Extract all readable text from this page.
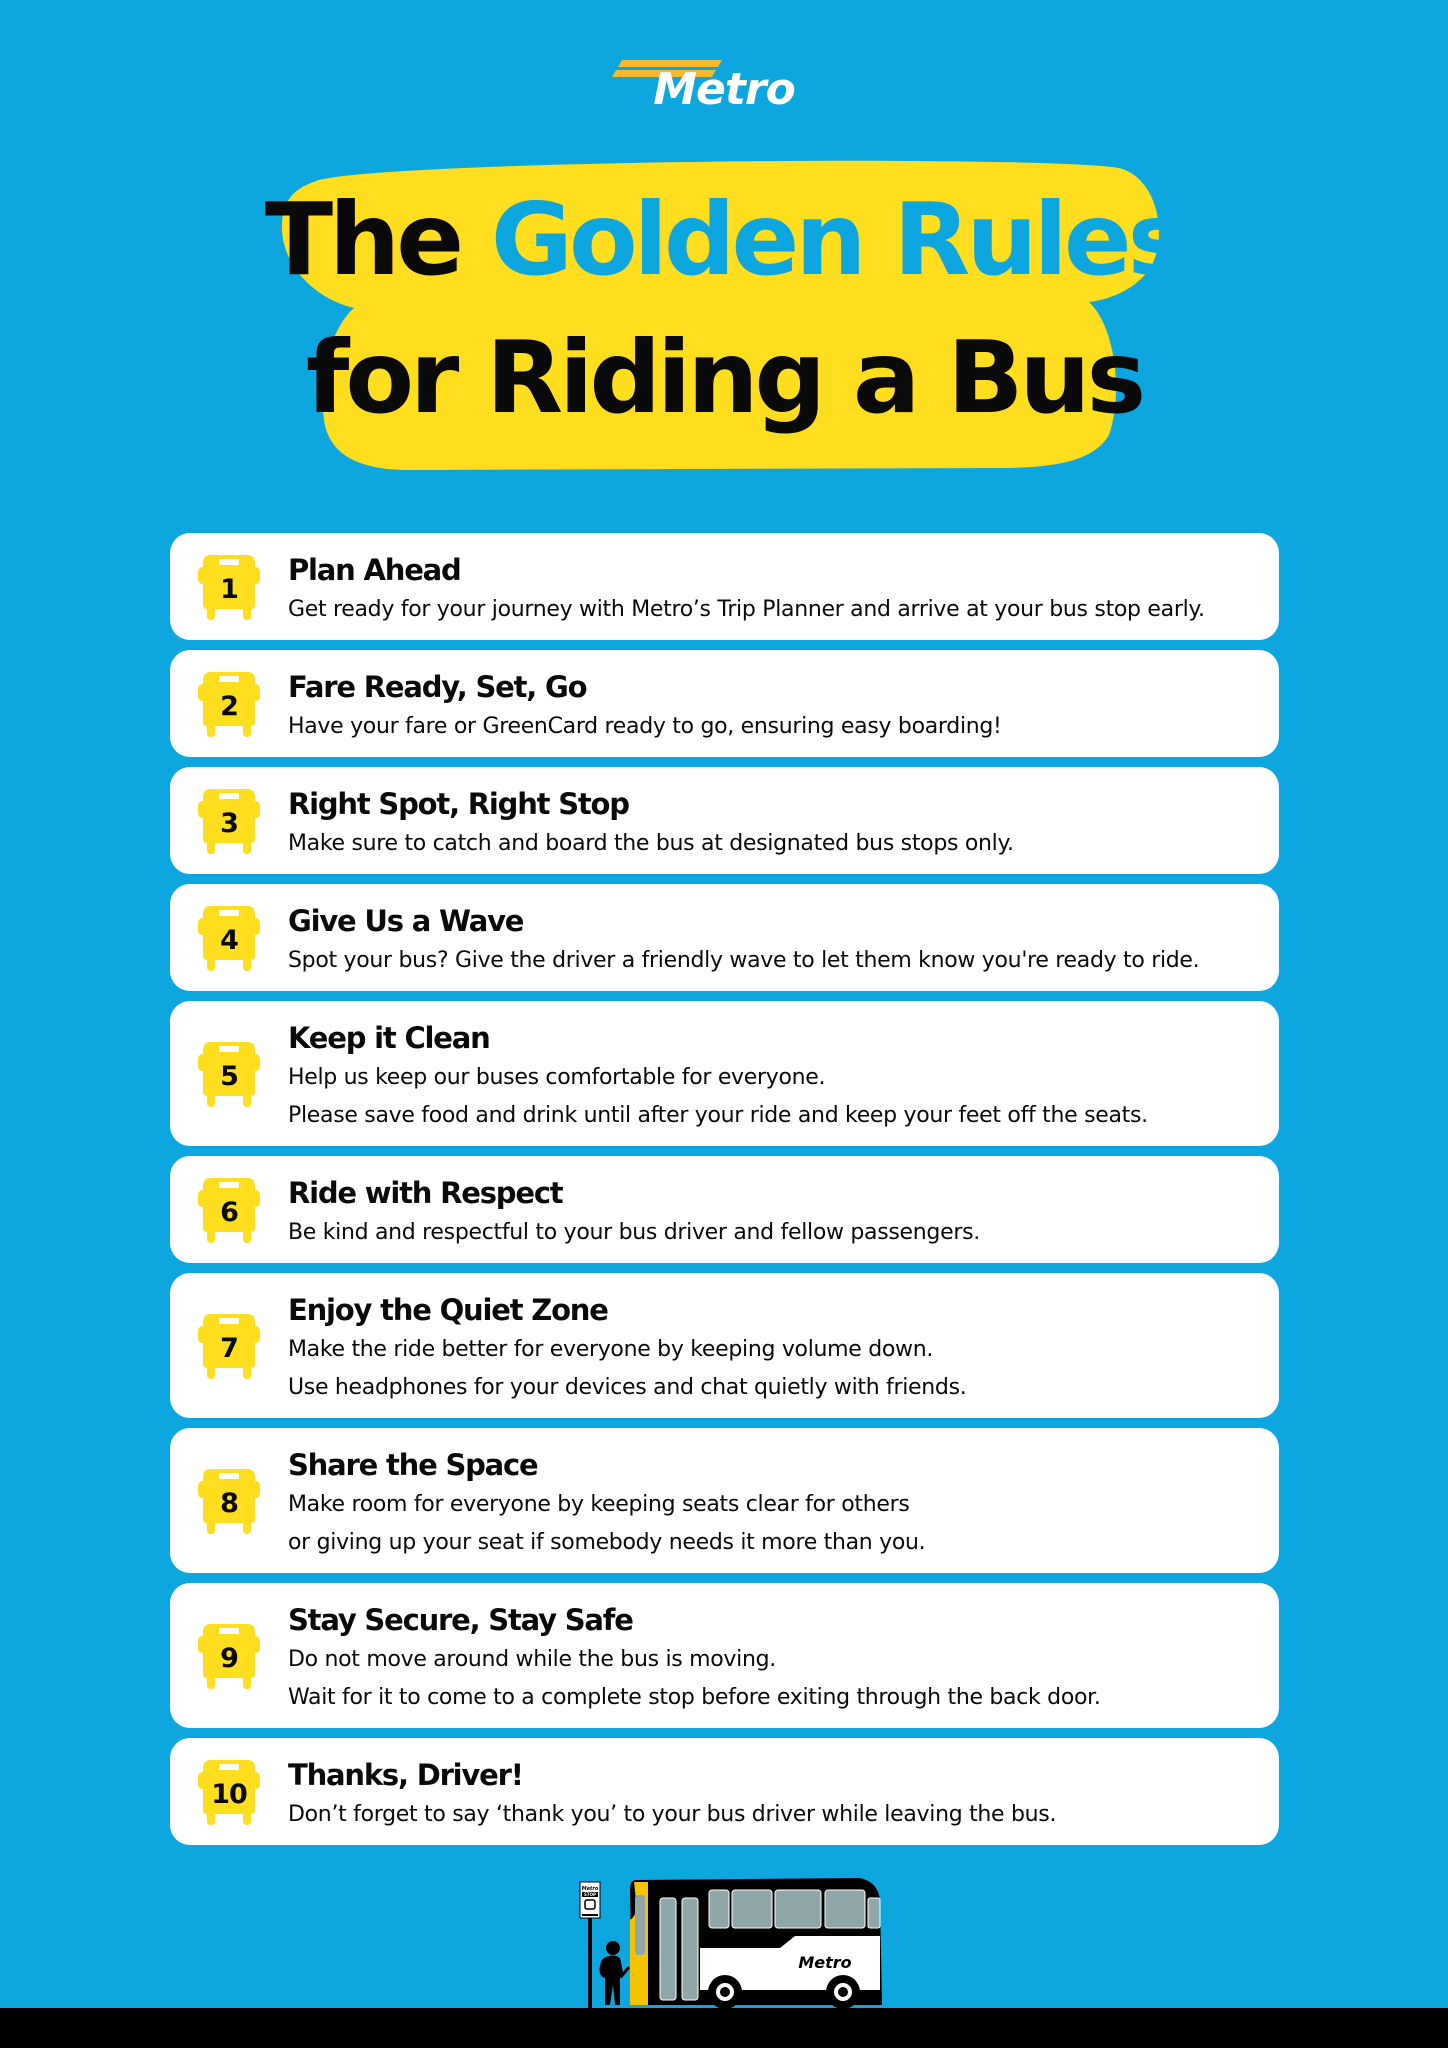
Metro
The Golden Rules
for Riding a Bus
1
Plan Ahead
Get ready for your journey with Metro’s Trip Planner and arrive at your bus stop early.
2
Fare Ready, Set, Go
Have your fare or GreenCard ready to go, ensuring easy boarding!
3
Right Spot, Right Stop
Make sure to catch and board the bus at designated bus stops only.
4
Give Us a Wave
Spot your bus? Give the driver a friendly wave to let them know you're ready to ride.
5
Keep it Clean
Help us keep our buses comfortable for everyone.
Please save food and drink until after your ride and keep your feet off the seats.
6
Ride with Respect
Be kind and respectful to your bus driver and fellow passengers.
7
Enjoy the Quiet Zone
Make the ride better for everyone by keeping volume down.
Use headphones for your devices and chat quietly with friends.
8
Share the Space
Make room for everyone by keeping seats clear for others
or giving up your seat if somebody needs it more than you.
9
Stay Secure, Stay Safe
Do not move around while the bus is moving.
Wait for it to come to a complete stop before exiting through the back door.
10
Thanks, Driver!
Don’t forget to say ‘thank you’ to your bus driver while leaving the bus.
Metro
STOP
Metro
